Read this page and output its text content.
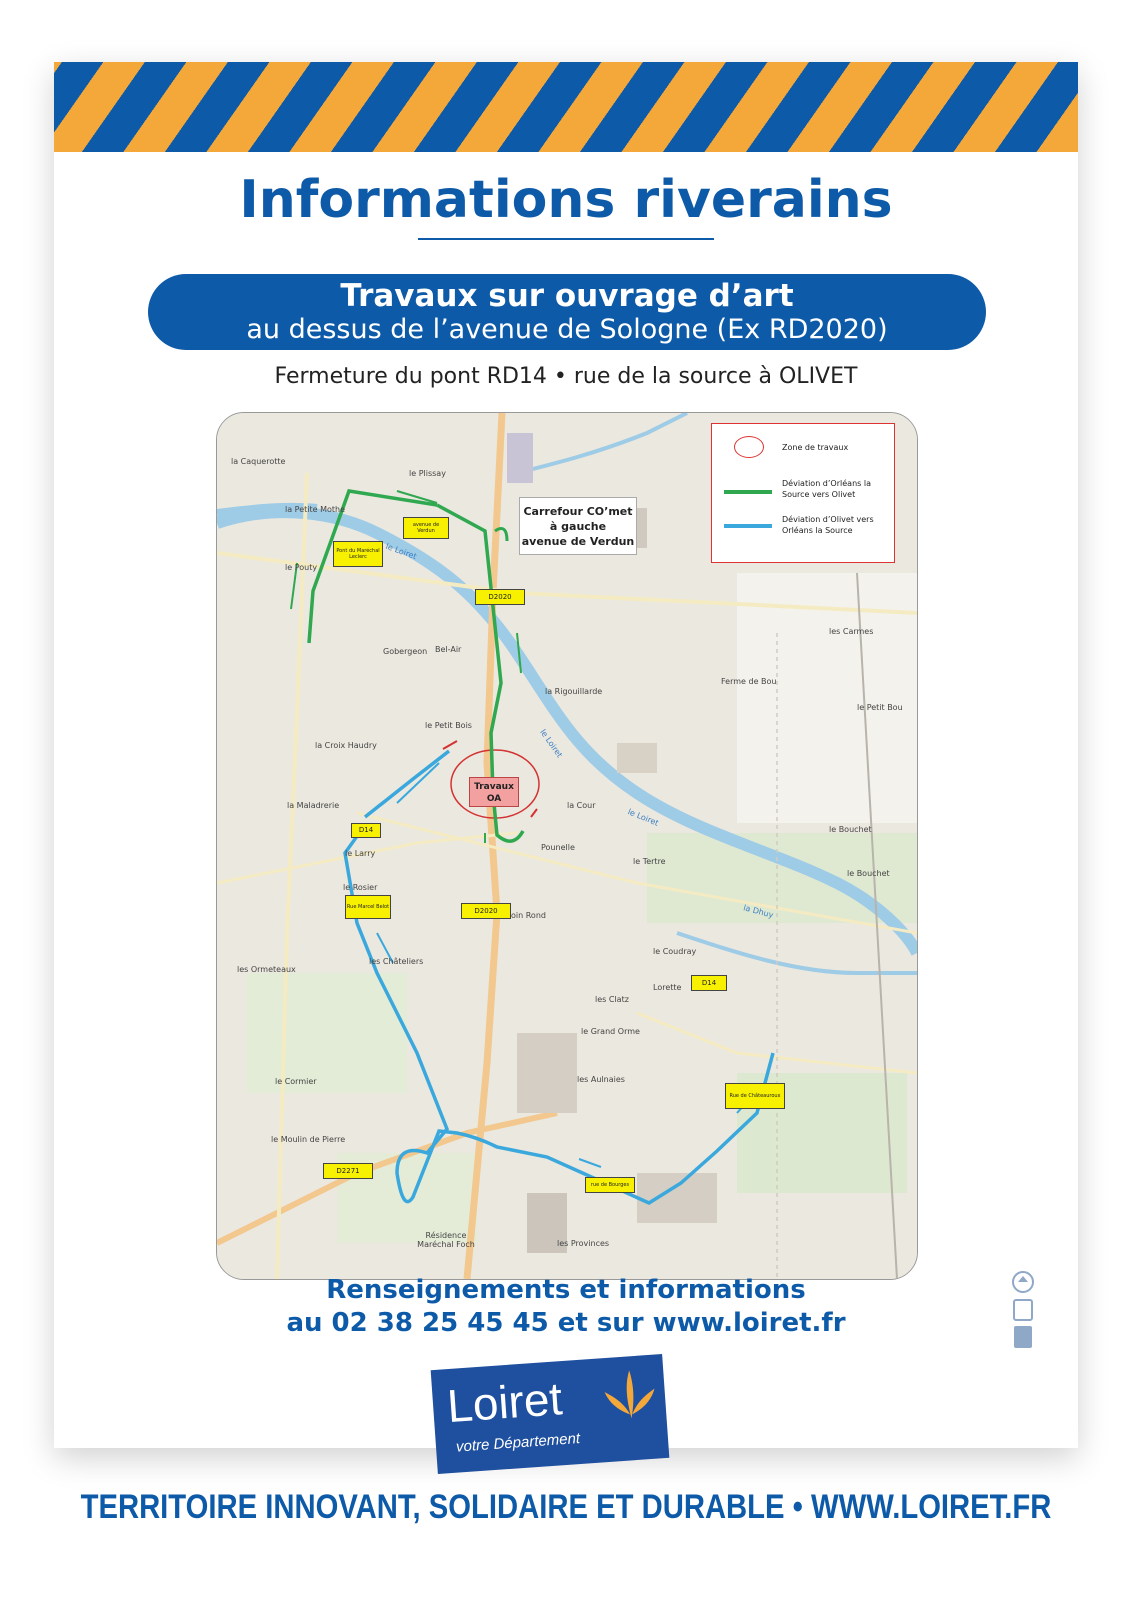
Informations riverains
Travaux sur ouvrage d’art
au dessus de l’avenue de Sologne (Ex RD2020)
Fermeture du pont RD14 • rue de la source à OLIVET
Zone de travaux
Déviation d’Orléans la Source vers Olivet
Déviation d’Olivet vers Orléans la Source
Carrefour CO’met
à gauche
avenue de Verdun
Travaux
OA
Pont du Maréchal Leclerc
avenue de Verdun
D2020
D14
Rue Marcel Belot	D2020
D14
Rue de Châteauroux
D2271
rue de Bourges
la Caquerotte
le Plissay
la Petite Mothe
le Pouty
Gobergeon Bel-Air
la Rigouillarde
le Petit Bois
la Croix Haudry
la Maladrerie
le Larry
le Rosier
la Cour
Pounelle
le Tertre
oin Rond
les Châteliers
les Ormeteaux
le Coudray
Lorette
les Clatz
le Grand Orme
les Aulnaies
le Cormier
le Moulin de Pierre
Résidence Maréchal Foch	les Provinces
les Carmes
Ferme de Bou
le Petit Bou
le Bouchet
le Bouchet
le Loiret
le Loiret
le Loiret
la Dhuy
Renseignements et informations
au 02 38 25 45 45 et sur www.loiret.fr
Loiret
votre Département
TERRITOIRE INNOVANT, SOLIDAIRE ET DURABLE • WWW.LOIRET.FR
